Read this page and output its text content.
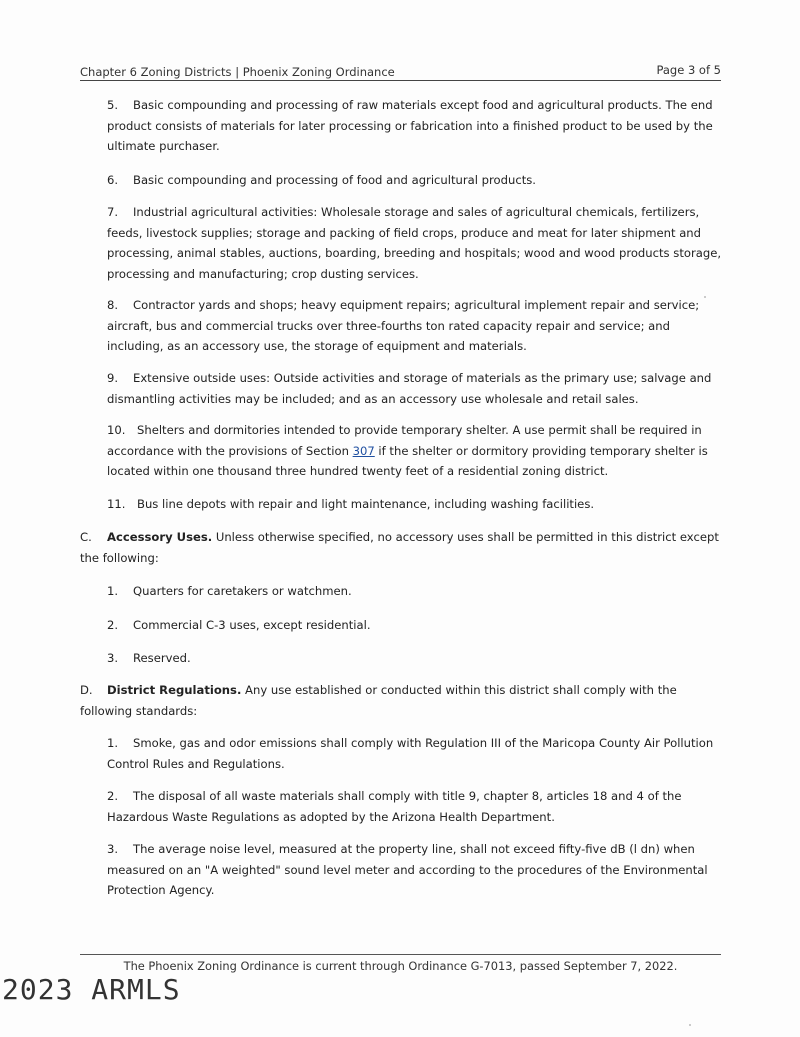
Chapter 6 Zoning Districts | Phoenix Zoning Ordinance	Page 3 of 5
5. Basic compounding and processing of raw materials except food and agricultural products. The end product consists of materials for later processing or fabrication into a finished product to be used by the ultimate purchaser.
6. Basic compounding and processing of food and agricultural products.
7. Industrial agricultural activities: Wholesale storage and sales of agricultural chemicals, fertilizers, feeds, livestock supplies; storage and packing of field crops, produce and meat for later shipment and processing, animal stables, auctions, boarding, breeding and hospitals; wood and wood products storage, processing and manufacturing; crop dusting services.
8. Contractor yards and shops; heavy equipment repairs; agricultural implement repair and service; aircraft, bus and commercial trucks over three-fourths ton rated capacity repair and service; and including, as an accessory use, the storage of equipment and materials.
9. Extensive outside uses: Outside activities and storage of materials as the primary use; salvage and dismantling activities may be included; and as an accessory use wholesale and retail sales.
10. Shelters and dormitories intended to provide temporary shelter. A use permit shall be required in accordance with the provisions of Section 307 if the shelter or dormitory providing temporary shelter is located within one thousand three hundred twenty feet of a residential zoning district.
11. Bus line depots with repair and light maintenance, including washing facilities.
C. Accessory Uses. Unless otherwise specified, no accessory uses shall be permitted in this district except the following:
1. Quarters for caretakers or watchmen.
2. Commercial C-3 uses, except residential.
3. Reserved.
D. District Regulations. Any use established or conducted within this district shall comply with the following standards:
1. Smoke, gas and odor emissions shall comply with Regulation III of the Maricopa County Air Pollution Control Rules and Regulations.
2. The disposal of all waste materials shall comply with title 9, chapter 8, articles 18 and 4 of the Hazardous Waste Regulations as adopted by the Arizona Health Department.
3. The average noise level, measured at the property line, shall not exceed fifty-five dB (l dn) when measured on an "A weighted" sound level meter and according to the procedures of the Environmental Protection Agency.
The Phoenix Zoning Ordinance is current through Ordinance G-7013, passed September 7, 2022.
2023 ARMLS
